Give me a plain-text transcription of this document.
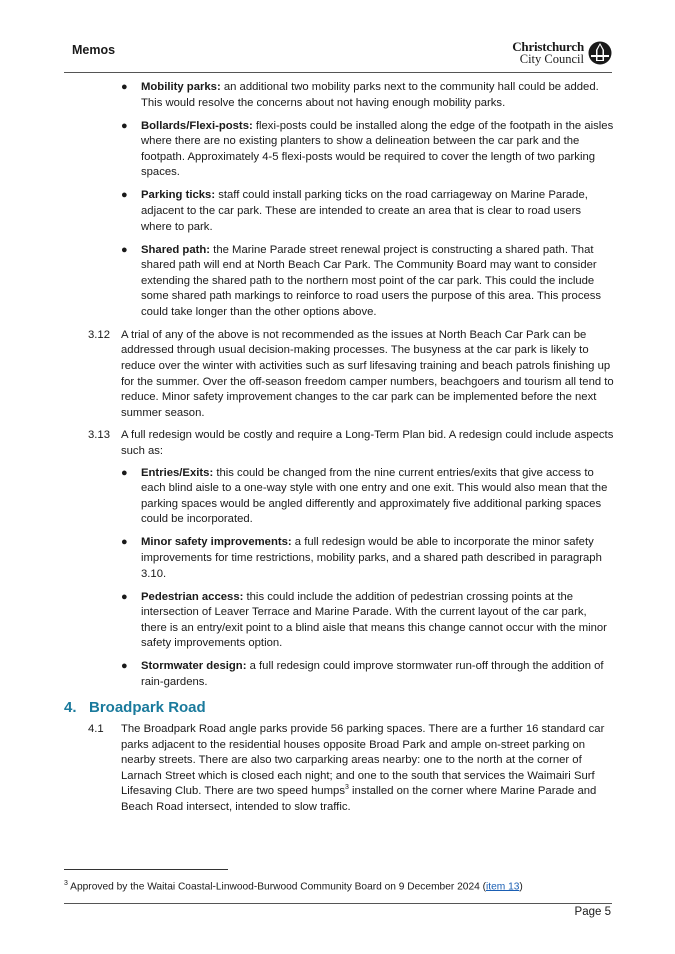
Memos	Christchurch
City Council
● Mobility parks: an additional two mobility parks next to the community hall could be added. This would resolve the concerns about not having enough mobility parks.
● Bollards/Flexi-posts: flexi-posts could be installed along the edge of the footpath in the aisles where there are no existing planters to show a delineation between the car park and the footpath. Approximately 4-5 flexi-posts would be required to cover the length of two parking spaces.
● Parking ticks: staff could install parking ticks on the road carriageway on Marine Parade, adjacent to the car park. These are intended to create an area that is clear to road users where to park.
● Shared path: the Marine Parade street renewal project is constructing a shared path. That shared path will end at North Beach Car Park. The Community Board may want to consider extending the shared path to the northern most point of the car park. This could the include some shared path markings to reinforce to road users the purpose of this area. This process could take longer than the other options above.
3.12 A trial of any of the above is not recommended as the issues at North Beach Car Park can be addressed through usual decision-making processes. The busyness at the car park is likely to reduce over the winter with activities such as surf lifesaving training and beach patrols finishing up for the summer. Over the off-season freedom camper numbers, beachgoers and tourism all tend to reduce. Minor safety improvement changes to the car park can be implemented before the next summer season.
3.13 A full redesign would be costly and require a Long-Term Plan bid. A redesign could include aspects such as:
● Entries/Exits: this could be changed from the nine current entries/exits that give access to each blind aisle to a one-way style with one entry and one exit. This would also mean that the parking spaces would be angled differently and approximately five additional parking spaces could be incorporated.
● Minor safety improvements: a full redesign would be able to incorporate the minor safety improvements for time restrictions, mobility parks, and a shared path described in paragraph 3.10.
● Pedestrian access: this could include the addition of pedestrian crossing points at the intersection of Leaver Terrace and Marine Parade. With the current layout of the car park, there is an entry/exit point to a blind aisle that means this change cannot occur with the minor safety improvements option.
● Stormwater design: a full redesign could improve stormwater run-off through the addition of rain-gardens.
4. Broadpark Road
4.1 The Broadpark Road angle parks provide 56 parking spaces. There are a further 16 standard car parks adjacent to the residential houses opposite Broad Park and ample on-street parking on nearby streets. There are also two carparking areas nearby: one to the north at the corner of Larnach Street which is closed each night; and one to the south that services the Waimairi Surf Lifesaving Club. There are two speed humps$^3$ installed on the corner where Marine Parade and Beach Road intersect, intended to slow traffic.
$^3$ Approved by the Waitai Coastal-Linwood-Burwood Community Board on 9 December 2024 (item 13)
Page 5
